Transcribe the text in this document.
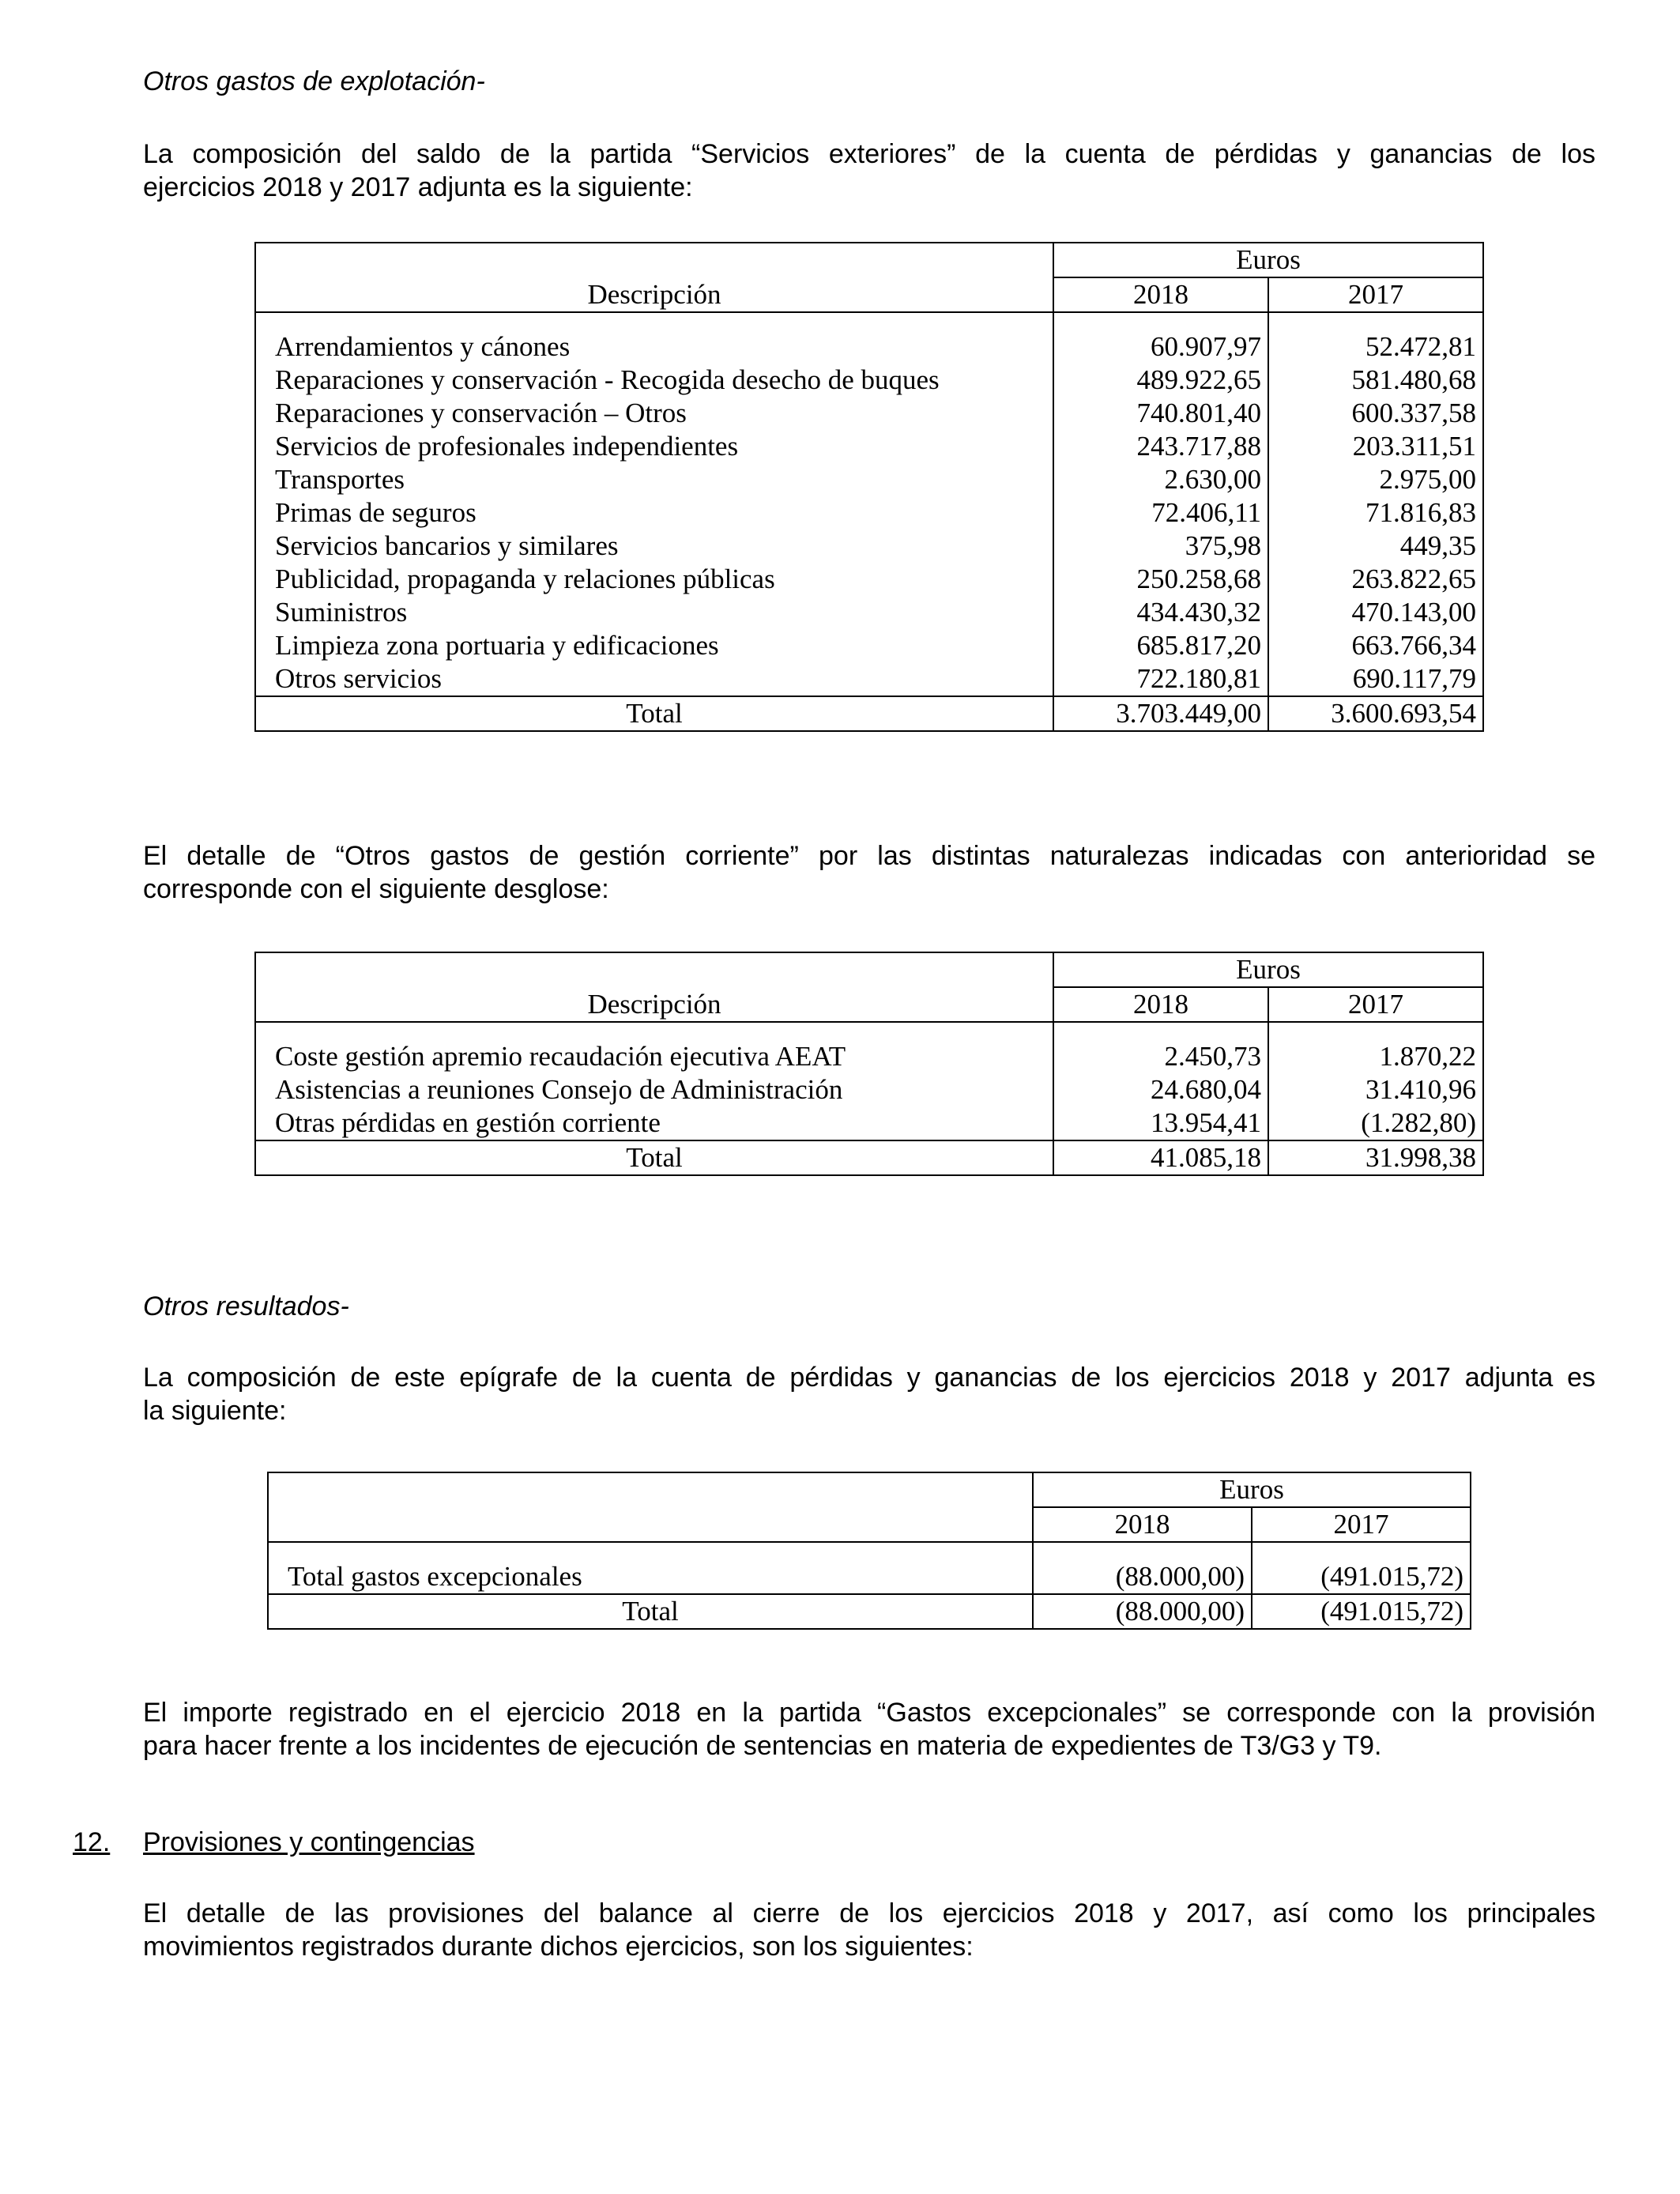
Otros gastos de explotación-
La composición del saldo de la partida “Servicios exteriores” de la cuenta de pérdidas y ganancias de los
ejercicios 2018 y 2017 adjunta es la siguiente:
Descripción	Euros	
	2018	2017

Arrendamientos y cánones	60.907,97	52.472,81
Reparaciones y conservación - Recogida desecho de buques	489.922,65	581.480,68
Reparaciones y conservación – Otros	740.801,40	600.337,58
Servicios de profesionales independientes	243.717,88	203.311,51
Transportes	2.630,00	2.975,00
Primas de seguros	72.406,11	71.816,83
Servicios bancarios y similares	375,98	449,35
Publicidad, propaganda y relaciones públicas	250.258,68	263.822,65
Suministros	434.430,32	470.143,00
Limpieza zona portuaria y edificaciones	685.817,20	663.766,34
Otros servicios	722.180,81	690.117,79
Total	3.703.449,00	3.600.693,54
El detalle de “Otros gastos de gestión corriente” por las distintas naturalezas indicadas con anterioridad se
corresponde con el siguiente desglose:
Descripción	Euros	
	2018	2017

Coste gestión apremio recaudación ejecutiva AEAT	2.450,73	1.870,22
Asistencias a reuniones Consejo de Administración	24.680,04	31.410,96
Otras pérdidas en gestión corriente	13.954,41	(1.282,80)
Total	41.085,18	31.998,38
Otros resultados-
La composición de este epígrafe de la cuenta de pérdidas y ganancias de los ejercicios 2018 y 2017 adjunta es
la siguiente:
	Euros	
	2018	2017

Total gastos excepcionales	(88.000,00)	(491.015,72)
Total	(88.000,00)	(491.015,72)
El importe registrado en el ejercicio 2018 en la partida “Gastos excepcionales” se corresponde con la provisión
para hacer frente a los incidentes de ejecución de sentencias en materia de expedientes de T3/G3 y T9.
12. Provisiones y contingencias
El detalle de las provisiones del balance al cierre de los ejercicios 2018 y 2017, así como los principales
movimientos registrados durante dichos ejercicios, son los siguientes:
